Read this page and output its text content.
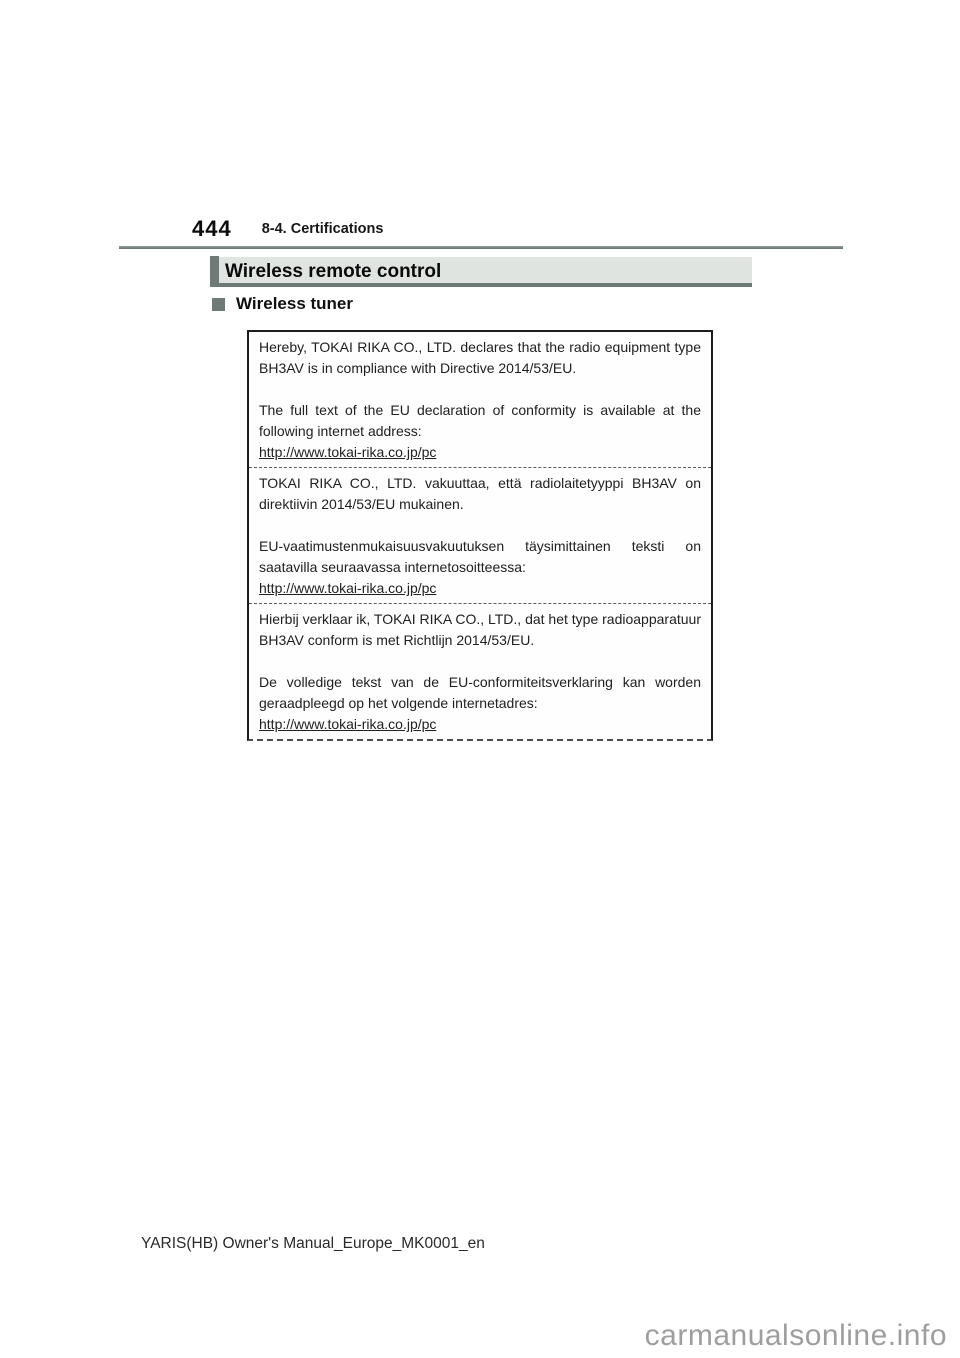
444 8-4. Certifications
Wireless remote control
Wireless tuner

Hereby, TOKAI RIKA CO., LTD. declares that the radio equipment type BH3AV is in compliance with Directive 2014/53/EU.

The full text of the EU declaration of conformity is available at the following internet address:

http://www.tokai-rika.co.jp/pc

TOKAI RIKA CO., LTD. vakuuttaa, että radiolaitetyyppi BH3AV on direktiivin 2014/53/EU mukainen.

EU-vaatimustenmukaisuusvakuutuksen täysimittainen teksti on saatavilla seuraavassa internetosoitteessa:

http://www.tokai-rika.co.jp/pc

Hierbij verklaar ik, TOKAI RIKA CO., LTD., dat het type radioapparatuur BH3AV conform is met Richtlijn 2014/53/EU.

De volledige tekst van de EU-conformiteitsverklaring kan worden geraadpleegd op het volgende internetadres:

http://www.tokai-rika.co.jp/pc

YARIS(HB) Owner's Manual_Europe_MK0001_en
carmanualsonline.info
